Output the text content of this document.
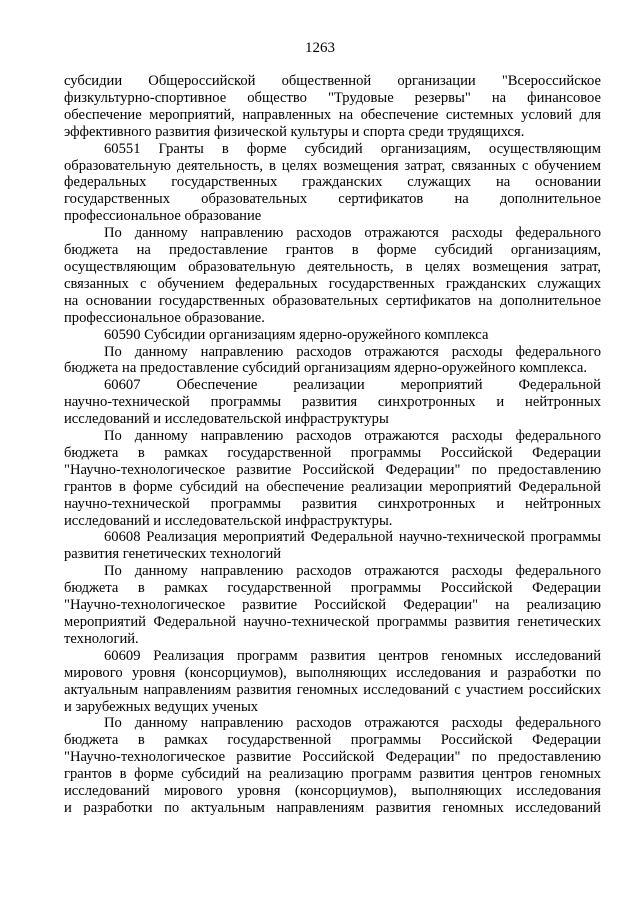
1263
субсидии Общероссийской общественной организации "Всероссийское
физкультурно-спортивное общество "Трудовые резервы" на финансовое
обеспечение мероприятий, направленных на обеспечение системных условий для
эффективного развития физической культуры и спорта среди трудящихся.
60551 Гранты в форме субсидий организациям, осуществляющим
образовательную деятельность, в целях возмещения затрат, связанных с обучением
федеральных государственных гражданских служащих на основании
государственных образовательных сертификатов на дополнительное
профессиональное образование
По данному направлению расходов отражаются расходы федерального
бюджета на предоставление грантов в форме субсидий организациям,
осуществляющим образовательную деятельность, в целях возмещения затрат,
связанных с обучением федеральных государственных гражданских служащих
на основании государственных образовательных сертификатов на дополнительное
профессиональное образование.
60590 Субсидии организациям ядерно-оружейного комплекса
По данному направлению расходов отражаются расходы федерального
бюджета на предоставление субсидий организациям ядерно-оружейного комплекса.
60607 Обеспечение реализации мероприятий Федеральной
научно-технической программы развития синхротронных и нейтронных
исследований и исследовательской инфраструктуры
По данному направлению расходов отражаются расходы федерального
бюджета в рамках государственной программы Российской Федерации
"Научно-технологическое развитие Российской Федерации" по предоставлению
грантов в форме субсидий на обеспечение реализации мероприятий Федеральной
научно-технической программы развития синхротронных и нейтронных
исследований и исследовательской инфраструктуры.
60608 Реализация мероприятий Федеральной научно-технической программы
развития генетических технологий
По данному направлению расходов отражаются расходы федерального
бюджета в рамках государственной программы Российской Федерации
"Научно-технологическое развитие Российской Федерации" на реализацию
мероприятий Федеральной научно-технической программы развития генетических
технологий.
60609 Реализация программ развития центров геномных исследований
мирового уровня (консорциумов), выполняющих исследования и разработки по
актуальным направлениям развития геномных исследований с участием российских
и зарубежных ведущих ученых
По данному направлению расходов отражаются расходы федерального
бюджета в рамках государственной программы Российской Федерации
"Научно-технологическое развитие Российской Федерации" по предоставлению
грантов в форме субсидий на реализацию программ развития центров геномных
исследований мирового уровня (консорциумов), выполняющих исследования
и разработки по актуальным направлениям развития геномных исследований
